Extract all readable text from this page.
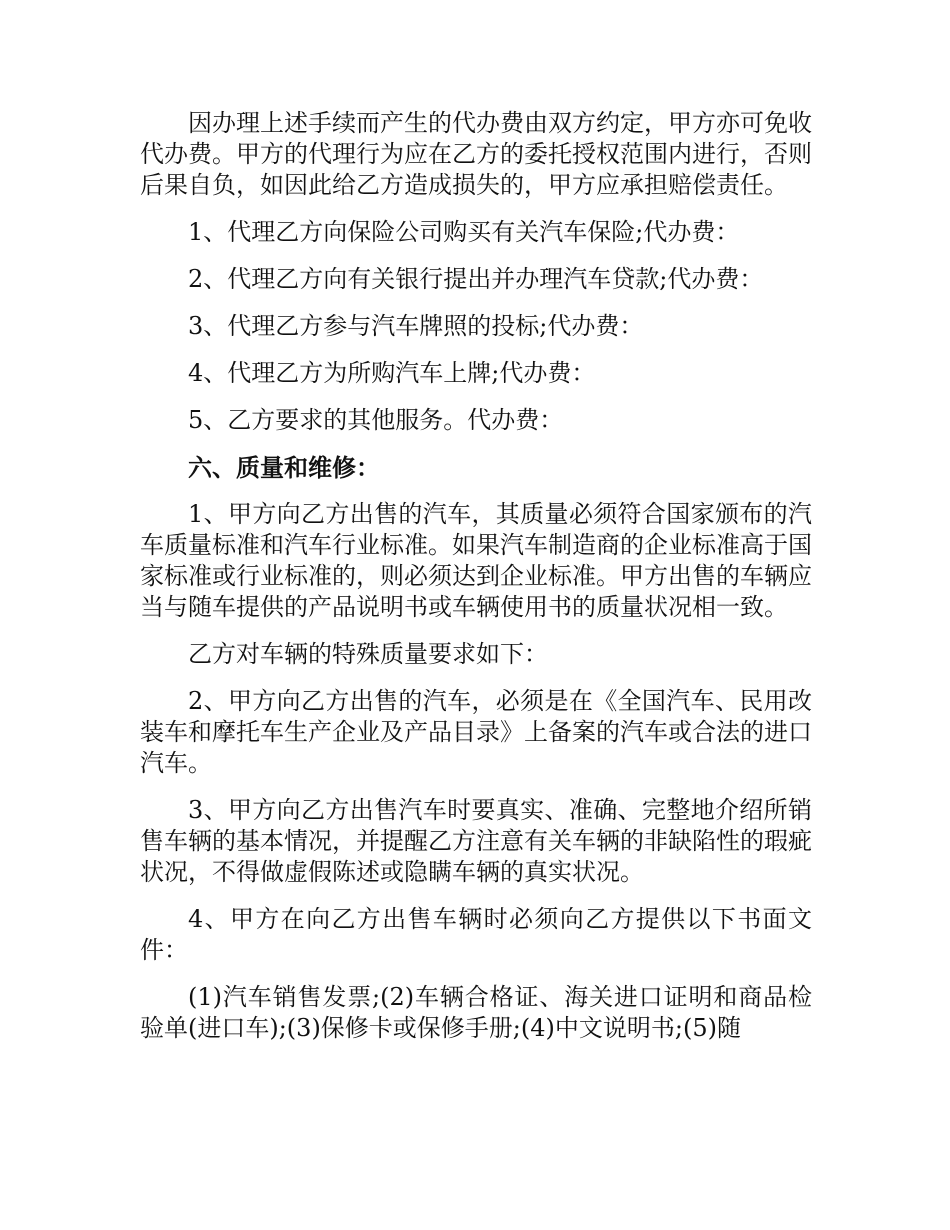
因办理上述手续而产生的代办费由双方约定，甲方亦可免收代办费。甲方的代理行为应在乙方的委托授权范围内进行，否则后果自负，如因此给乙方造成损失的，甲方应承担赔偿责任。

1、代理乙方向保险公司购买有关汽车保险;代办费：

2、代理乙方向有关银行提出并办理汽车贷款;代办费：

3、代理乙方参与汽车牌照的投标;代办费：

4、代理乙方为所购汽车上牌;代办费：

5、乙方要求的其他服务。代办费：

六、质量和维修：

1、甲方向乙方出售的汽车，其质量必须符合国家颁布的汽车质量标准和汽车行业标准。如果汽车制造商的企业标准高于国家标准或行业标准的，则必须达到企业标准。甲方出售的车辆应当与随车提供的产品说明书或车辆使用书的质量状况相一致。

乙方对车辆的特殊质量要求如下：

2、甲方向乙方出售的汽车，必须是在《全国汽车、民用改装车和摩托车生产企业及产品目录》上备案的汽车或合法的进口汽车。

3、甲方向乙方出售汽车时要真实、准确、完整地介绍所销售车辆的基本情况，并提醒乙方注意有关车辆的非缺陷性的瑕疵状况，不得做虚假陈述或隐瞒车辆的真实状况。

4、甲方在向乙方出售车辆时必须向乙方提供以下书面文件：

(1)汽车销售发票;(2)车辆合格证、海关进口证明和商品检验单(进口车);(3)保修卡或保修手册;(4)中文说明书;(5)随
